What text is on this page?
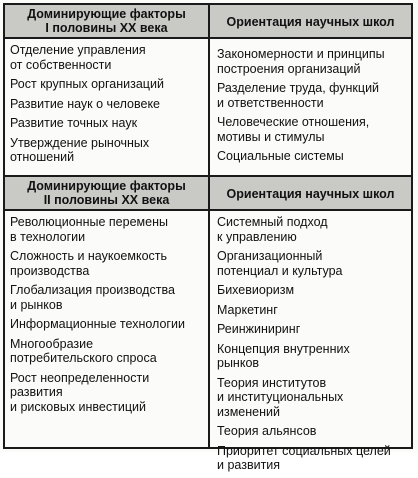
Доминирующие факторы
I половины XX века	Ориентация научных школ
Отделение управления
от собственности
Рост крупных организаций
Развитие наук о человеке
Развитие точных наук
Утверждение рыночных
отношений
Закономерности и принципы
построения организаций
Разделение труда, функций
и ответственности
Человеческие отношения,
мотивы и стимулы
Социальные системы
Доминирующие факторы
II половины XX века	Ориентация научных школ
Революционные перемены
в технологии
Сложность и наукоемкость
производства
Глобализация производства
и рынков
Информационные технологии
Многообразие
потребительского спроса
Рост неопределенности развития
и рисковых инвестиций
Системный подход
к управлению
Организационный
потенциал и культура
Бихевиоризм
Маркетинг
Реинжиниринг
Концепция внутренних
рынков
Теория институтов
и институциональных изменений
Теория альянсов
Приоритет социальных целей
и развития
